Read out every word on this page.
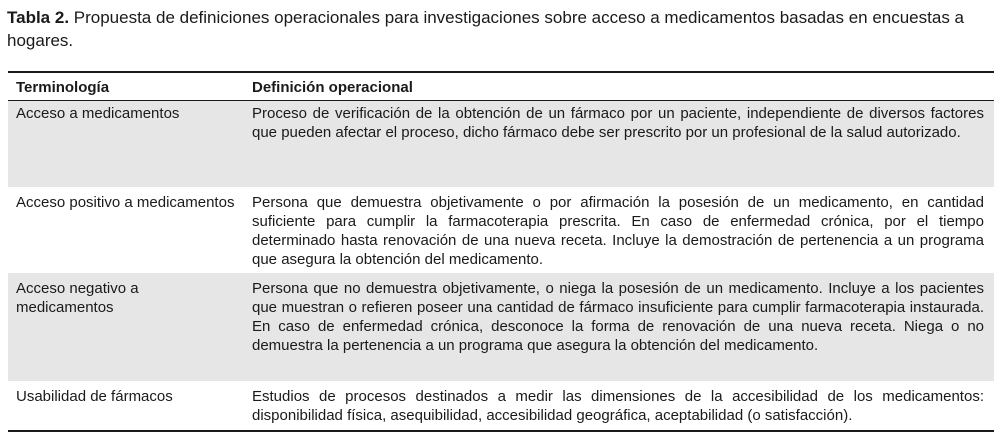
Tabla 2. Propuesta de definiciones operacionales para investigaciones sobre acceso a medicamentos basadas en encuestas a hogares.
Terminología	Definición operacional
Acceso a medicamentos	Proceso de verificación de la obtención de un fármaco por un paciente, independiente de diversos factores que pueden afectar el proceso, dicho fármaco debe ser prescrito por un profesional de la salud autorizado.
Acceso positivo a medicamentos	Persona que demuestra objetivamente o por afirmación la posesión de un medicamento, en cantidad suficiente para cumplir la farmacoterapia prescrita. En caso de enfermedad crónica, por el tiempo determinado hasta renovación de una nueva receta. Incluye la demostración de pertenencia a un programa que asegura la obtención del medicamento.
Acceso negativo a medicamentos	Persona que no demuestra objetivamente, o niega la posesión de un medicamento. Incluye a los pacientes que muestran o refieren poseer una cantidad de fármaco insuficiente para cumplir farmacoterapia instaurada. En caso de enfermedad crónica, desconoce la forma de renovación de una nueva receta. Niega o no demuestra la pertenencia a un programa que asegura la obtención del medicamento.
Usabilidad de fármacos	Estudios de procesos destinados a medir las dimensiones de la accesibilidad de los medicamentos: disponibilidad física, asequibilidad, accesibilidad geográfica, aceptabilidad (o satisfacción).
